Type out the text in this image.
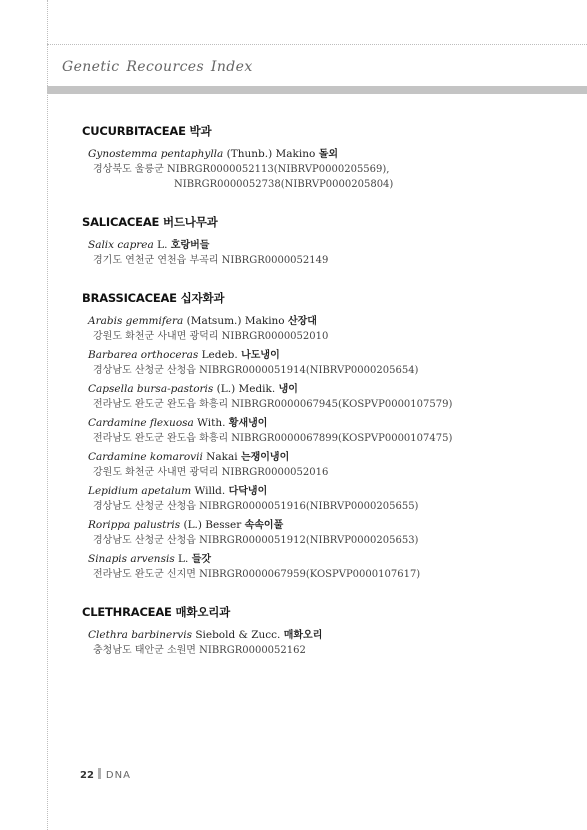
Genetic Recources Index
CUCURBITACEAE 박과
Gynostemma pentaphylla (Thunb.) Makino 돌외
경상북도 울릉군 NIBRGR0000052113(NIBRVP0000205569),
NIBRGR0000052738(NIBRVP0000205804)
SALICACEAE 버드나무과
Salix caprea L. 호랑버들
경기도 연천군 연천읍 부곡리 NIBRGR0000052149
BRASSICACEAE 십자화과
Arabis gemmifera (Matsum.) Makino 산장대
강원도 화천군 사내면 광덕리 NIBRGR0000052010
Barbarea orthoceras Ledeb. 나도냉이
경상남도 산청군 산청읍 NIBRGR0000051914(NIBRVP0000205654)
Capsella bursa-pastoris (L.) Medik. 냉이
전라남도 완도군 완도읍 화흥리 NIBRGR0000067945(KOSPVP0000107579)
Cardamine flexuosa With. 황새냉이
전라남도 완도군 완도읍 화흥리 NIBRGR0000067899(KOSPVP0000107475)
Cardamine komarovii Nakai 는쟁이냉이
강원도 화천군 사내면 광덕리 NIBRGR0000052016
Lepidium apetalum Willd. 다닥냉이
경상남도 산청군 산청읍 NIBRGR0000051916(NIBRVP0000205655)
Rorippa palustris (L.) Besser 속속이풀
경상남도 산청군 산청읍 NIBRGR0000051912(NIBRVP0000205653)
Sinapis arvensis L. 들갓
전라남도 완도군 신지면 NIBRGR0000067959(KOSPVP0000107617)
CLETHRACEAE 매화오리과
Clethra barbinervis Siebold & Zucc. 매화오리
충청남도 태안군 소원면 NIBRGR0000052162
22 DNA
